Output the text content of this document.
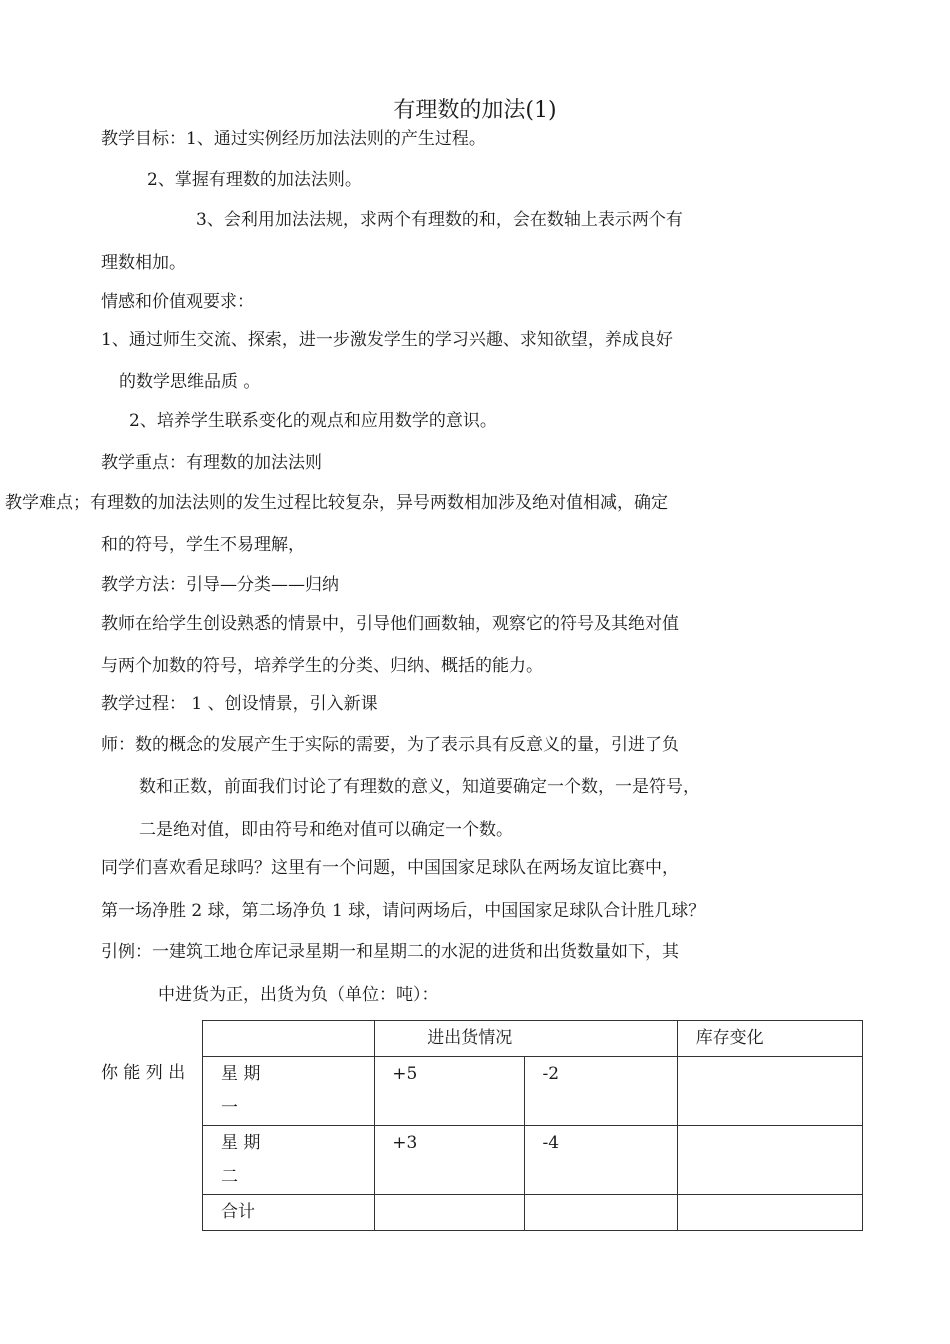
有理数的加法(1)
教学目标：1、通过实例经历加法法则的产生过程。
2、掌握有理数的加法法则。
3、会利用加法法规，求两个有理数的和，会在数轴上表示两个有
理数相加。
情感和价值观要求：
1、通过师生交流、探索，进一步激发学生的学习兴趣、求知欲望，养成良好
的数学思维品质 。
2、培养学生联系变化的观点和应用数学的意识。
教学重点：有理数的加法法则
教学难点；有理数的加法法则的发生过程比较复杂，异号两数相加涉及绝对值相减，确定
和的符号，学生不易理解，
教学方法：引导—分类——归纳
教师在给学生创设熟悉的情景中，引导他们画数轴，观察它的符号及其绝对值
与两个加数的符号，培养学生的分类、归纳、概括的能力。
教学过程： 1 、创设情景，引入新课
师：数的概念的发展产生于实际的需要，为了表示具有反意义的量，引进了负
数和正数，前面我们讨论了有理数的意义，知道要确定一个数，一是符号，
二是绝对值，即由符号和绝对值可以确定一个数。
同学们喜欢看足球吗？这里有一个问题，中国国家足球队在两场友谊比赛中，
第一场净胜 2 球，第二场净负 1 球，请问两场后，中国国家足球队合计胜几球？
引例：一建筑工地仓库记录星期一和星期二的水泥的进货和出货数量如下，其
中进货为正，出货为负（单位：吨）：
你 能 列 出

	进出货情况		库存变化

星 期
一	+5	-2	

星 期
二	+3	-4	

合计			
